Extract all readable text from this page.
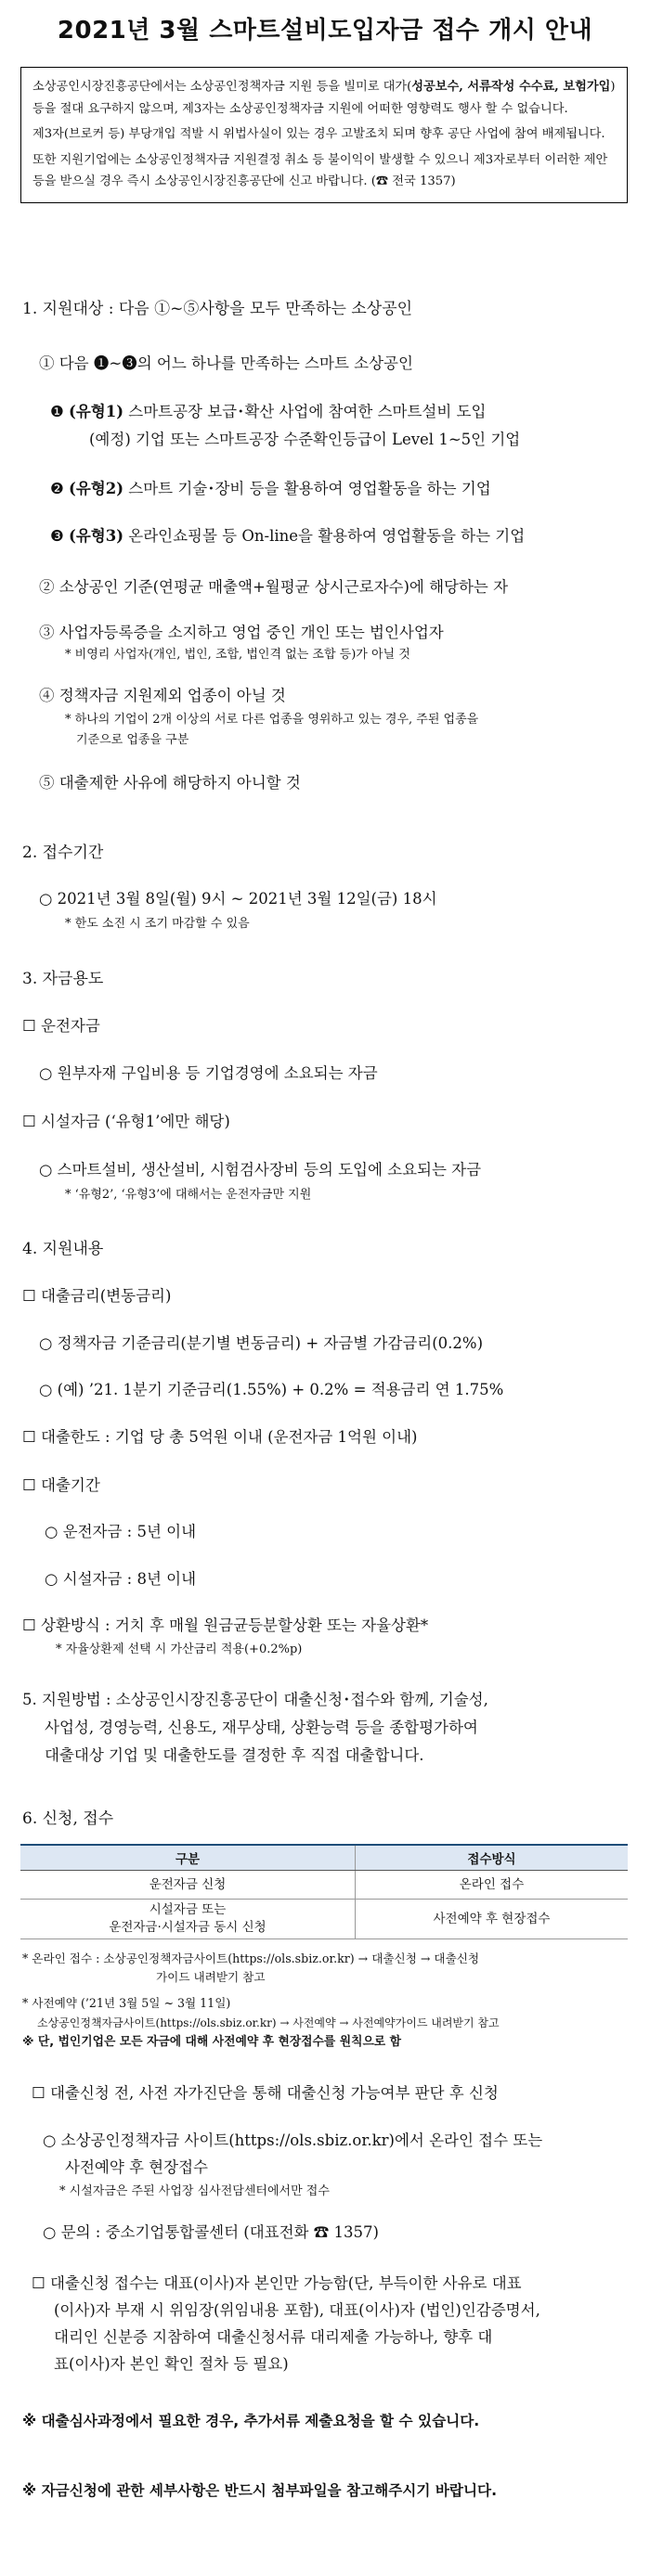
2021년 3월 스마트설비도입자금 접수 개시 안내

소상공인시장진흥공단에서는 소상공인정책자금 지원 등을 빌미로 대가(성공보수, 서류작성 수수료, 보험가입) 등을 절대 요구하지 않으며, 제3자는 소상공인정책자금 지원에 어떠한 영향력도 행사 할 수 없습니다.

제3자(브로커 등) 부당개입 적발 시 위법사실이 있는 경우 고발조치 되며 향후 공단 사업에 참여 배제됩니다.

또한 지원기업에는 소상공인정책자금 지원결정 취소 등 불이익이 발생할 수 있으니 제3자로부터 이러한 제안 등을 받으실 경우 즉시 소상공인시장진흥공단에 신고 바랍니다. (☎ 전국 1357)

1. 지원대상 : 다음 ①~⑤사항을 모두 만족하는 소상공인
① 다음 ❶~❸의 어느 하나를 만족하는 스마트 소상공인
❶ (유형1) 스마트공장 보급･확산 사업에 참여한 스마트설비 도입
(예정) 기업 또는 스마트공장 수준확인등급이 Level 1~5인 기업
❷ (유형2) 스마트 기술･장비 등을 활용하여 영업활동을 하는 기업
❸ (유형3) 온라인쇼핑몰 등 On-line을 활용하여 영업활동을 하는 기업
② 소상공인 기준(연평균 매출액+월평균 상시근로자수)에 해당하는 자
③ 사업자등록증을 소지하고 영업 중인 개인 또는 법인사업자
* 비영리 사업자(개인, 법인, 조합, 법인격 없는 조합 등)가 아닐 것
④ 정책자금 지원제외 업종이 아닐 것
* 하나의 기업이 2개 이상의 서로 다른 업종을 영위하고 있는 경우, 주된 업종을
기준으로 업종을 구분
⑤ 대출제한 사유에 해당하지 아니할 것
2. 접수기간
○ 2021년 3월 8일(월) 9시 ~ 2021년 3월 12일(금) 18시
* 한도 소진 시 조기 마감할 수 있음
3. 자금용도
☐ 운전자금
○ 원부자재 구입비용 등 기업경영에 소요되는 자금
☐ 시설자금 (‘유형1’에만 해당)
○ 스마트설비, 생산설비, 시험검사장비 등의 도입에 소요되는 자금
* ‘유형2’, ‘유형3’에 대해서는 운전자금만 지원
4. 지원내용
☐ 대출금리(변동금리)
○ 정책자금 기준금리(분기별 변동금리) + 자금별 가감금리(0.2%)
○ (예) ’21. 1분기 기준금리(1.55%) + 0.2% = 적용금리 연 1.75%
☐ 대출한도 : 기업 당 총 5억원 이내 (운전자금 1억원 이내)
☐ 대출기간
○ 운전자금 : 5년 이내
○ 시설자금 : 8년 이내
☐ 상환방식 : 거치 후 매월 원금균등분할상환 또는 자율상환*
* 자율상환제 선택 시 가산금리 적용(+0.2%p)
5. 지원방법 : 소상공인시장진흥공단이 대출신청･접수와 함께, 기술성,
사업성, 경영능력, 신용도, 재무상태, 상환능력 등을 종합평가하여
대출대상 기업 및 대출한도를 결정한 후 직접 대출합니다.
6. 신청, 접수
구분	접수방식
운전자금 신청	온라인 접수
시설자금 또는
운전자금·시설자금 동시 신청	사전예약 후 현장접수
* 온라인 접수 : 소상공인정책자금사이트(https://ols.sbiz.or.kr) → 대출신청 → 대출신청
가이드 내려받기 참고
* 사전예약 (’21년 3월 5일 ~ 3월 11일)
소상공인정책자금사이트(https://ols.sbiz.or.kr) → 사전예약 → 사전예약가이드 내려받기 참고
※ 단, 법인기업은 모든 자금에 대해 사전예약 후 현장접수를 원칙으로 함
☐ 대출신청 전, 사전 자가진단을 통해 대출신청 가능여부 판단 후 신청
○ 소상공인정책자금 사이트(https://ols.sbiz.or.kr)에서 온라인 접수 또는
사전예약 후 현장접수
* 시설자금은 주된 사업장 심사전담센터에서만 접수
○ 문의 : 중소기업통합콜센터 (대표전화 ☎ 1357)
☐ 대출신청 접수는 대표(이사)자 본인만 가능함(단, 부득이한 사유로 대표
(이사)자 부재 시 위임장(위임내용 포함), 대표(이사)자 (법인)인감증명서,
대리인 신분증 지참하여 대출신청서류 대리제출 가능하나, 향후 대
표(이사)자 본인 확인 절차 등 필요)
※ 대출심사과정에서 필요한 경우, 추가서류 제출요청을 할 수 있습니다.
※ 자금신청에 관한 세부사항은 반드시 첨부파일을 참고해주시기 바랍니다.
